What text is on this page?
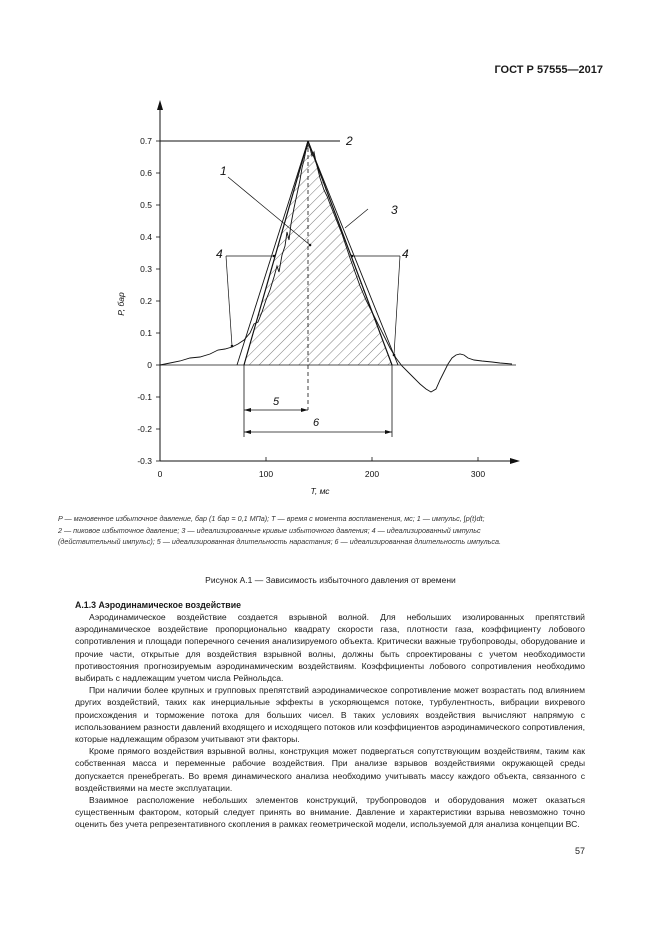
ГОСТ Р 57555—2017
0.7
0.6
0.5
0.4
0.3
0.2
0.1
0
-0.1
-0.2
-0.3
0	100	200	300
P, бар
T, мс
5
6
1
2
3
4	4
P — мгновенное избыточное давление, бар (1 бар = 0,1 МПа); T — время с момента воспламенения, мс; 1 — импульс, ∫p(t)dt;
2 — пиковое избыточное давление; 3 — идеализированные кривые избыточного давления; 4 — идеализированный импульс
(действительный импульс); 5 — идеализированная длительность нарастания; 6 — идеализированная длительность импульса.
Рисунок А.1 — Зависимость избыточного давления от времени
А.1.3 Аэродинамическое воздействие

Аэродинамическое воздействие создается взрывной волной. Для небольших изолированных препятствий аэродинамическое воздействие пропорционально квадрату скорости газа, плотности газа, коэффициенту лобового сопротивления и площади поперечного сечения анализируемого объекта. Критически важные трубопроводы, оборудование и прочие части, открытые для воздействия взрывной волны, должны быть спроектированы с учетом необходимости противостояния прогнозируемым аэродинамическим воздействиям. Коэффициенты лобового сопротивления необходимо выбирать с надлежащим учетом числа Рейнольдса.

При наличии более крупных и групповых препятствий аэродинамическое сопротивление может возрастать под влиянием других воздействий, таких как инерциальные эффекты в ускоряющемся потоке, турбулентность, вибрации вихревого происхождения и торможение потока для больших чисел. В таких условиях воздействия вычисляют напрямую с использованием разности давлений входящего и исходящего потоков или коэффициентов аэродинамического сопротивления, которые надлежащим образом учитывают эти факторы.

Кроме прямого воздействия взрывной волны, конструкция может подвергаться сопутствующим воздействиям, таким как собственная масса и переменные рабочие воздействия. При анализе взрывов воздействиями окружающей среды допускается пренебрегать. Во время динамического анализа необходимо учитывать массу каждого объекта, связанного с воздействиями на месте эксплуатации.

Взаимное расположение небольших элементов конструкций, трубопроводов и оборудования может оказаться существенным фактором, который следует принять во внимание. Давление и характеристики взрыва невозможно точно оценить без учета репрезентативного скопления в рамках геометрической модели, используемой для анализа концепции ВС.

57
